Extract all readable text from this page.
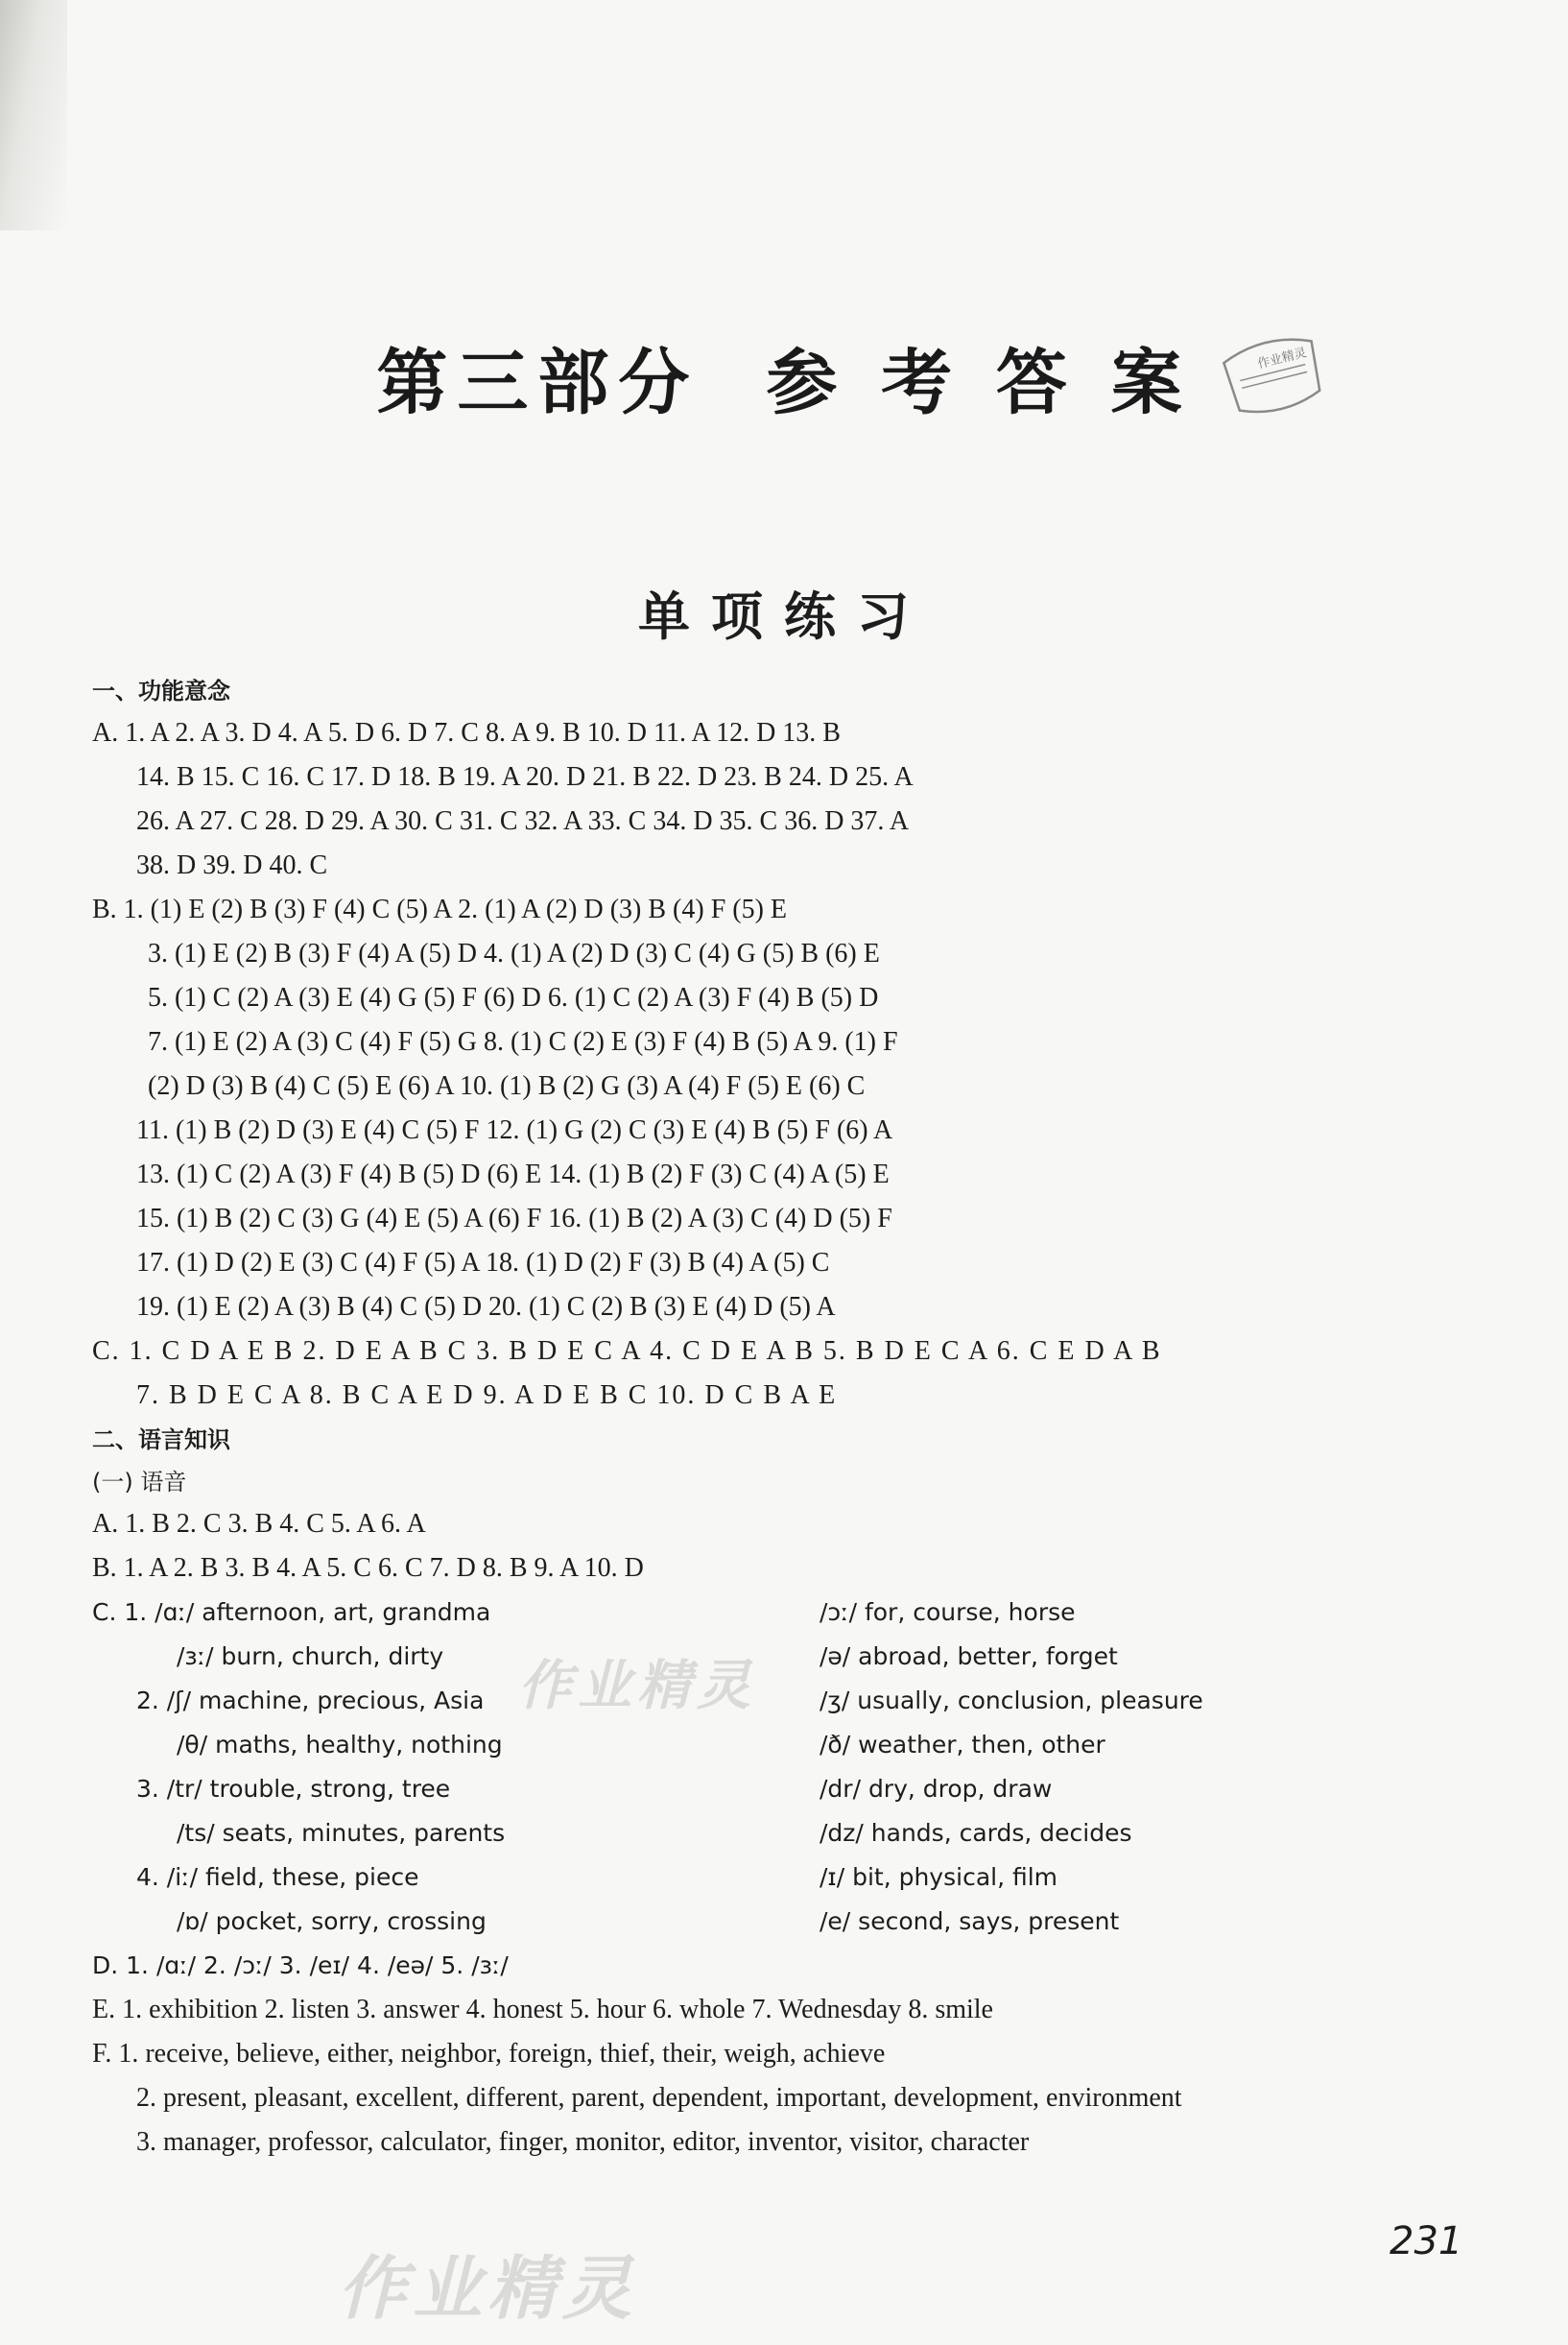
第三部分 参 考 答 案	作业精灵
单项练习
一、功能意念
A. 1. A 2. A 3. D 4. A 5. D 6. D 7. C 8. A 9. B 10. D 11. A 12. D 13. B
14. B 15. C 16. C 17. D 18. B 19. A 20. D 21. B 22. D 23. B 24. D 25. A
26. A 27. C 28. D 29. A 30. C 31. C 32. A 33. C 34. D 35. C 36. D 37. A
38. D 39. D 40. C
B. 1. (1) E (2) B (3) F (4) C (5) A 2. (1) A (2) D (3) B (4) F (5) E
3. (1) E (2) B (3) F (4) A (5) D 4. (1) A (2) D (3) C (4) G (5) B (6) E
5. (1) C (2) A (3) E (4) G (5) F (6) D 6. (1) C (2) A (3) F (4) B (5) D
7. (1) E (2) A (3) C (4) F (5) G 8. (1) C (2) E (3) F (4) B (5) A 9. (1) F
(2) D (3) B (4) C (5) E (6) A 10. (1) B (2) G (3) A (4) F (5) E (6) C
11. (1) B (2) D (3) E (4) C (5) F 12. (1) G (2) C (3) E (4) B (5) F (6) A
13. (1) C (2) A (3) F (4) B (5) D (6) E 14. (1) B (2) F (3) C (4) A (5) E
15. (1) B (2) C (3) G (4) E (5) A (6) F 16. (1) B (2) A (3) C (4) D (5) F
17. (1) D (2) E (3) C (4) F (5) A 18. (1) D (2) F (3) B (4) A (5) C
19. (1) E (2) A (3) B (4) C (5) D 20. (1) C (2) B (3) E (4) D (5) A
C. 1. C D A E B 2. D E A B C 3. B D E C A 4. C D E A B 5. B D E C A 6. C E D A B
7. B D E C A 8. B C A E D 9. A D E B C 10. D C B A E
二、语言知识
(一) 语音
A. 1. B 2. C 3. B 4. C 5. A 6. A
B. 1. A 2. B 3. B 4. A 5. C 6. C 7. D 8. B 9. A 10. D
C. 1. /ɑː/ afternoon, art, grandma	/ɔː/ for, course, horse
/ɜː/ burn, church, dirty	/ə/ abroad, better, forget
2. /ʃ/ machine, precious, Asia	/ʒ/ usually, conclusion, pleasure
/θ/ maths, healthy, nothing	/ð/ weather, then, other
3. /tr/ trouble, strong, tree	/dr/ dry, drop, draw
/ts/ seats, minutes, parents	/dz/ hands, cards, decides
4. /iː/ field, these, piece	/ɪ/ bit, physical, film
/ɒ/ pocket, sorry, crossing	/e/ second, says, present
D. 1. /ɑː/ 2. /ɔː/ 3. /eɪ/ 4. /eə/ 5. /ɜː/
E. 1. exhibition 2. listen 3. answer 4. honest 5. hour 6. whole 7. Wednesday 8. smile
F. 1. receive, believe, either, neighbor, foreign, thief, their, weigh, achieve
2. present, pleasant, excellent, different, parent, dependent, important, development, environment
3. manager, professor, calculator, finger, monitor, editor, inventor, visitor, character
作业精灵
作业精灵
231
